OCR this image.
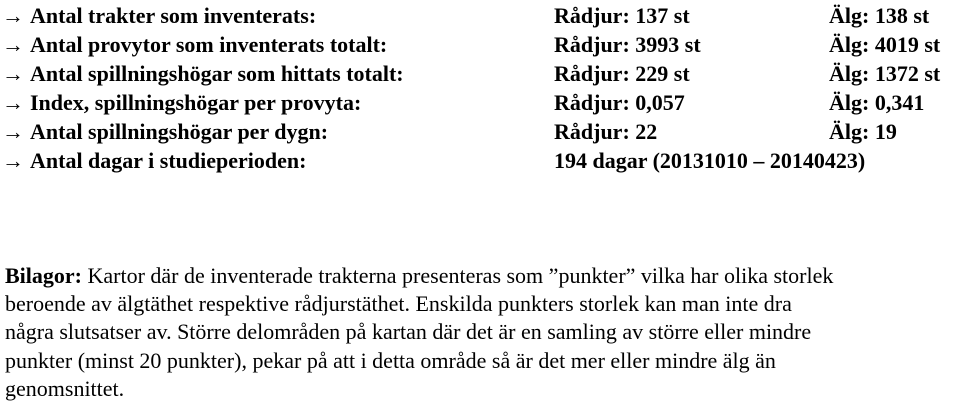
→ Antal trakter som inventerats:	Rådjur: 137 st	Älg: 138 st
→ Antal provytor som inventerats totalt:	Rådjur: 3993 st	Älg: 4019 st
→ Antal spillningshögar som hittats totalt:	Rådjur: 229 st	Älg: 1372 st
→ Index, spillningshögar per provyta:	Rådjur: 0,057	Älg: 0,341
→ Antal spillningshögar per dygn:	Rådjur: 22	Älg: 19
→ Antal dagar i studieperioden:	194 dagar (20131010 – 20140423)
Bilagor: Kartor där de inventerade trakterna presenteras som ”punkter” vilka har olika storlek
beroende av älgtäthet respektive rådjurstäthet. Enskilda punkters storlek kan man inte dra
några slutsatser av. Större delområden på kartan där det är en samling av större eller mindre
punkter (minst 20 punkter), pekar på att i detta område så är det mer eller mindre älg än
genomsnittet.
